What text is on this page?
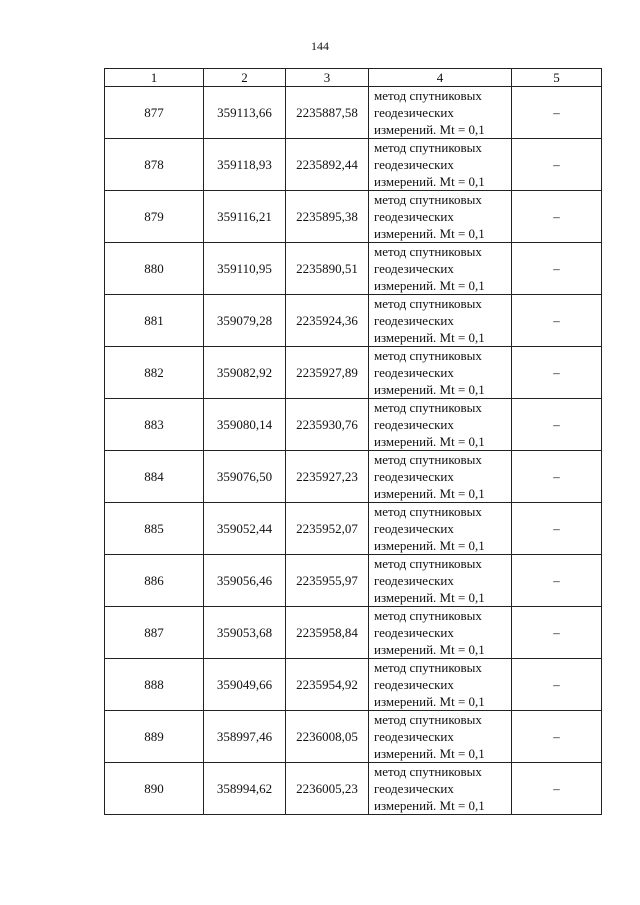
144
1	2	3	4	5
877	359113,66	2235887,58	метод спутниковых
геодезических
измерений. Mt = 0,1	–
878	359118,93	2235892,44	метод спутниковых
геодезических
измерений. Mt = 0,1	–
879	359116,21	2235895,38	метод спутниковых
геодезических
измерений. Mt = 0,1	–
880	359110,95	2235890,51	метод спутниковых
геодезических
измерений. Mt = 0,1	–
881	359079,28	2235924,36	метод спутниковых
геодезических
измерений. Mt = 0,1	–
882	359082,92	2235927,89	метод спутниковых
геодезических
измерений. Mt = 0,1	–
883	359080,14	2235930,76	метод спутниковых
геодезических
измерений. Mt = 0,1	–
884	359076,50	2235927,23	метод спутниковых
геодезических
измерений. Mt = 0,1	–
885	359052,44	2235952,07	метод спутниковых
геодезических
измерений. Mt = 0,1	–
886	359056,46	2235955,97	метод спутниковых
геодезических
измерений. Mt = 0,1	–
887	359053,68	2235958,84	метод спутниковых
геодезических
измерений. Mt = 0,1	–
888	359049,66	2235954,92	метод спутниковых
геодезических
измерений. Mt = 0,1	–
889	358997,46	2236008,05	метод спутниковых
геодезических
измерений. Mt = 0,1	–
890	358994,62	2236005,23	метод спутниковых
геодезических
измерений. Mt = 0,1	–
